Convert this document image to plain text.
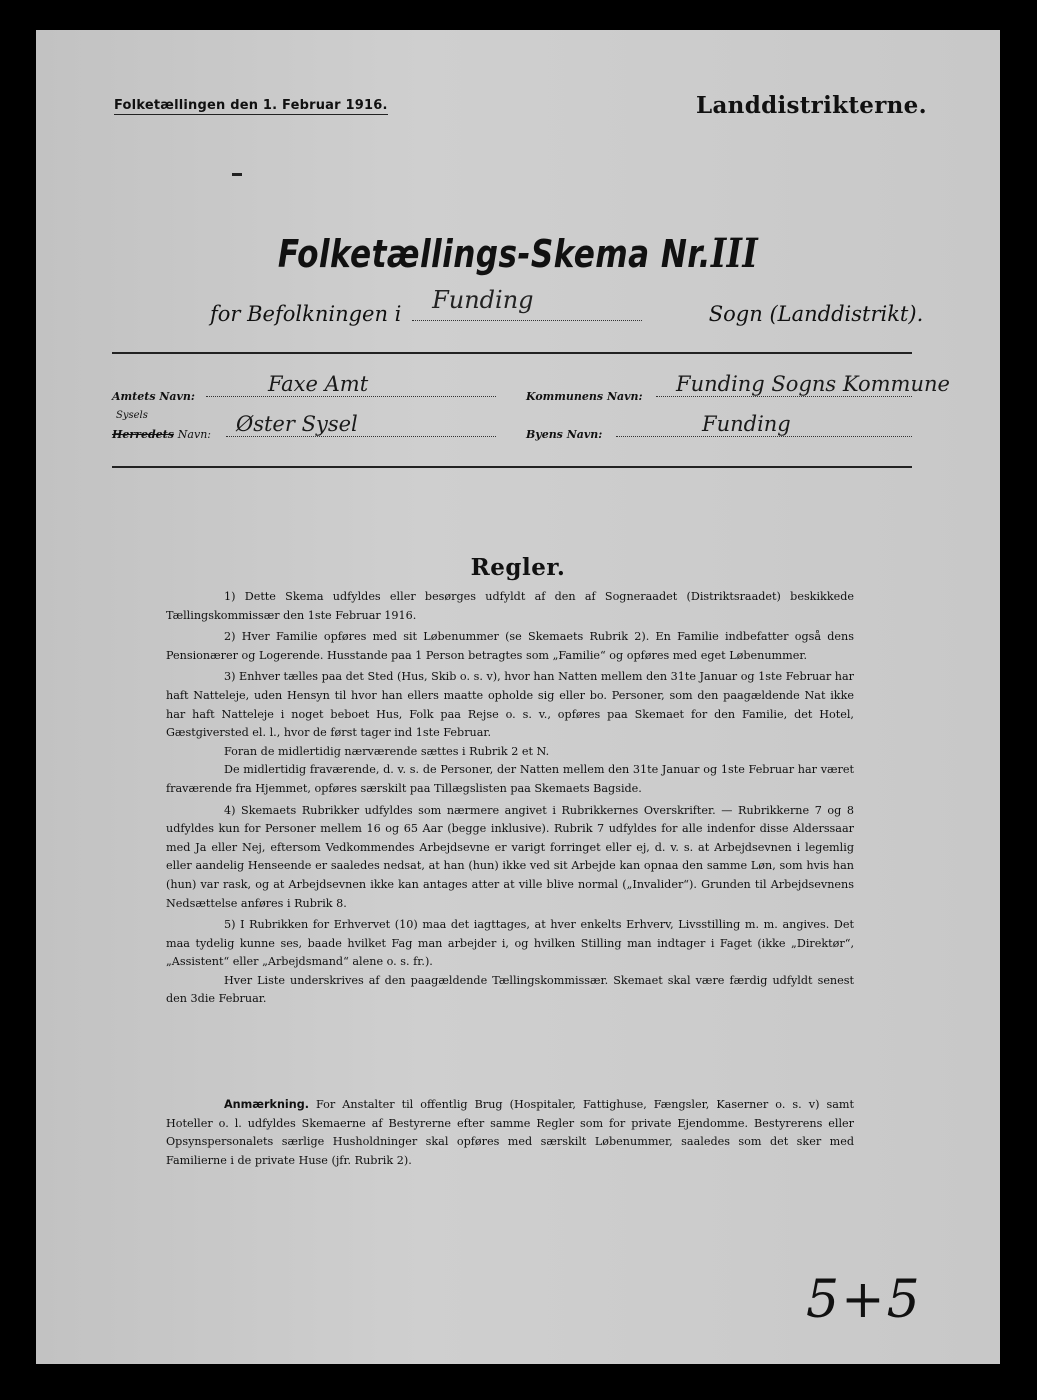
Folketællingen den 1. Februar 1916.	Landdistrikterne.
Folketællings-Skema Nr.III
for Befolkningen i Funding	Sogn (Landdistrikt).
Amtets Navn:
Faxe Amt
Kommunens Navn:
Funding Sogns Kommune
Sysels
Herredets Navn: Øster Sysel	Byens Navn:	Funding
Regler.

1) Dette Skema udfyldes eller besørges udfyldt af den af Sogneraadet (Distriktsraadet) beskikkede Tællingskommissær den 1ste Februar 1916.

2) Hver Familie opføres med sit Løbenummer (se Skemaets Rubrik 2). En Familie indbefatter også dens Pensionærer og Logerende. Husstande paa 1 Person betragtes som „Familie“ og opføres med eget Løbenummer.

3) Enhver tælles paa det Sted (Hus, Skib o. s. v), hvor han Natten mellem den 31te Januar og 1ste Februar har haft Natteleje, uden Hensyn til hvor han ellers maatte opholde sig eller bo. Personer, som den paagældende Nat ikke har haft Natteleje i noget beboet Hus, Folk paa Rejse o. s. v., opføres paa Skemaet for den Familie, det Hotel, Gæstgiversted el. l., hvor de først tager ind 1ste Februar.

Foran de midlertidig nærværende sættes i Rubrik 2 et N.

De midlertidig fraværende, d. v. s. de Personer, der Natten mellem den 31te Januar og 1ste Februar har været fraværende fra Hjemmet, opføres særskilt paa Tillægslisten paa Skemaets Bagside.

4) Skemaets Rubrikker udfyldes som nærmere angivet i Rubrikkernes Overskrifter. — Rubrikkerne 7 og 8 udfyldes kun for Personer mellem 16 og 65 Aar (begge inklusive). Rubrik 7 udfyldes for alle indenfor disse Alderssaar med Ja eller Nej, eftersom Vedkommendes Arbejdsevne er varigt forringet eller ej, d. v. s. at Arbejdsevnen i legemlig eller aandelig Henseende er saaledes nedsat, at han (hun) ikke ved sit Arbejde kan opnaa den samme Løn, som hvis han (hun) var rask, og at Arbejdsevnen ikke kan antages atter at ville blive normal („Invalider“). Grunden til Arbejdsevnens Nedsættelse anføres i Rubrik 8.

5) I Rubrikken for Erhvervet (10) maa det iagttages, at hver enkelts Erhverv, Livsstilling m. m. angives. Det maa tydelig kunne ses, baade hvilket Fag man arbejder i, og hvilken Stilling man indtager i Faget (ikke „Direktør“, „Assistent“ eller „Arbejdsmand“ alene o. s. fr.).

Hver Liste underskrives af den paagældende Tællingskommissær. Skemaet skal være færdig udfyldt senest den 3die Februar.

Anmærkning. For Anstalter til offentlig Brug (Hospitaler, Fattighuse, Fængsler, Kaserner o. s. v) samt Hoteller o. l. udfyldes Skemaerne af Bestyrerne efter samme Regler som for private Ejendomme. Bestyrerens eller Opsynspersonalets særlige Husholdninger skal opføres med særskilt Løbenummer, saaledes som det sker med Familierne i de private Huse (jfr. Rubrik 2).

5+5
